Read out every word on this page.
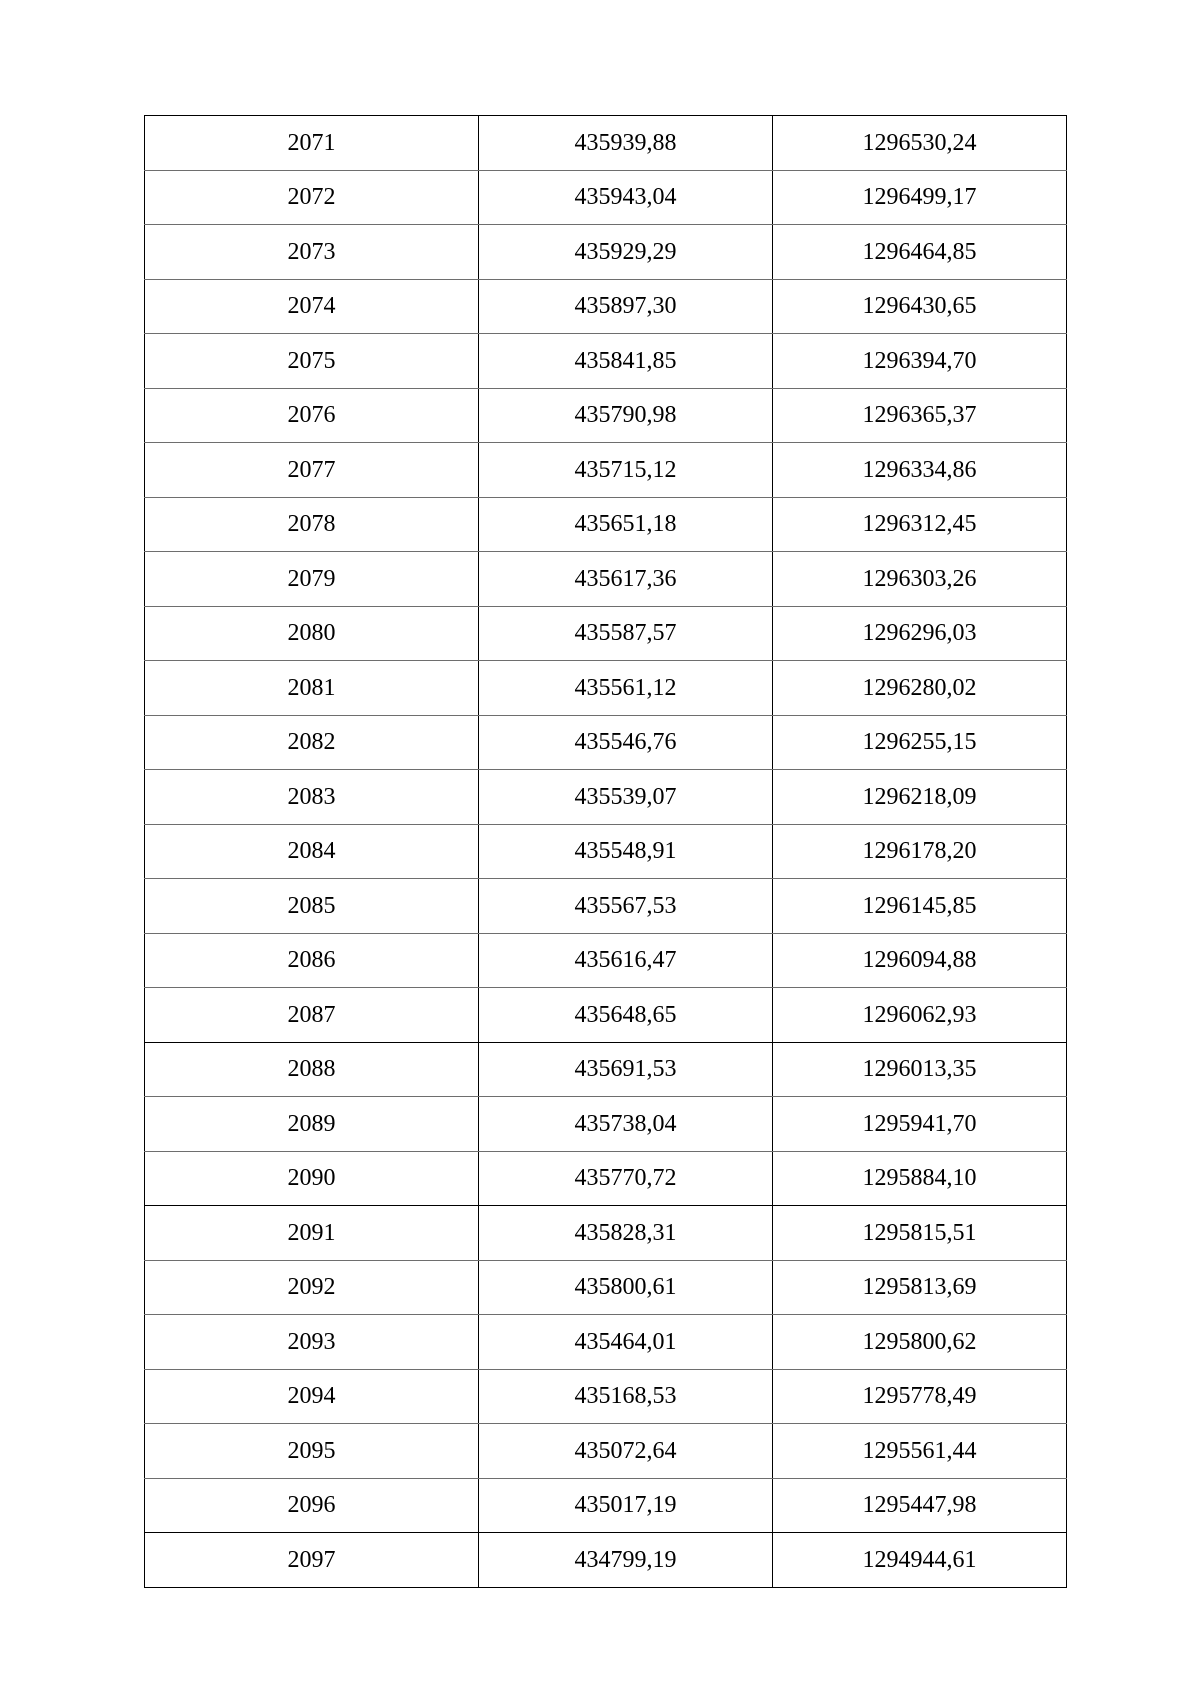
2071	435939,88	1296530,24
2072	435943,04	1296499,17
2073	435929,29	1296464,85
2074	435897,30	1296430,65
2075	435841,85	1296394,70
2076	435790,98	1296365,37
2077	435715,12	1296334,86
2078	435651,18	1296312,45
2079	435617,36	1296303,26
2080	435587,57	1296296,03
2081	435561,12	1296280,02
2082	435546,76	1296255,15
2083	435539,07	1296218,09
2084	435548,91	1296178,20
2085	435567,53	1296145,85
2086	435616,47	1296094,88
2087	435648,65	1296062,93
2088	435691,53	1296013,35
2089	435738,04	1295941,70
2090	435770,72	1295884,10
2091	435828,31	1295815,51
2092	435800,61	1295813,69
2093	435464,01	1295800,62
2094	435168,53	1295778,49
2095	435072,64	1295561,44
2096	435017,19	1295447,98
2097	434799,19	1294944,61
